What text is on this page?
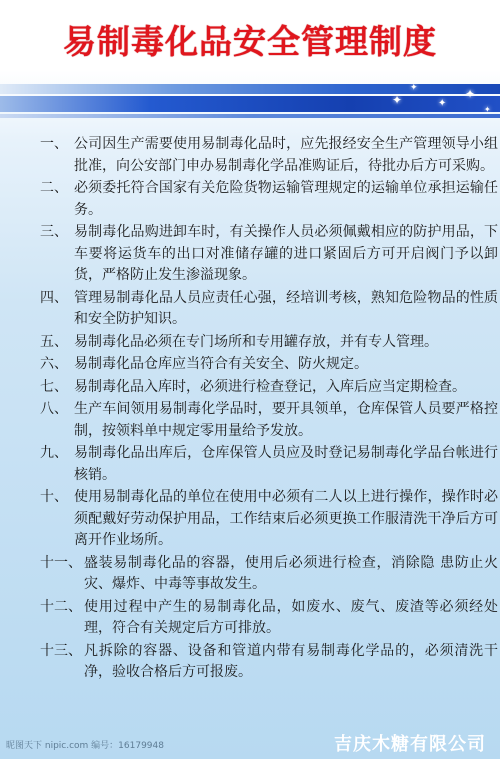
易制毒化品安全管理制度
✦
✦
✦
✦
✦
一、 公司因生产需要使用易制毒化品时，应先报经安全生产管理领导小组批准，向公安部门申办易制毒化学品准购证后，待批办后方可采购。
二、 必须委托符合国家有关危险货物运输管理规定的运输单位承担运输任务。
三、 易制毒化品购进卸车时，有关操作人员必须佩戴相应的防护用品，下车要将运货车的出口对准储存罐的进口紧固后方可开启阀门予以卸货，严格防止发生渗溢现象。
四、 管理易制毒化品人员应责任心强，经培训考核，熟知危险物品的性质和安全防护知识。
五、 易制毒化品必须在专门场所和专用罐存放，并有专人管理。
六、 易制毒化品仓库应当符合有关安全、防火规定。
七、 易制毒化品入库时，必须进行检查登记，入库后应当定期检查。
八、 生产车间领用易制毒化学品时，要开具领单，仓库保管人员要严格控制，按领料单中规定零用量给予发放。
九、 易制毒化品出库后，仓库保管人员应及时登记易制毒化学品台帐进行核销。
十、 使用易制毒化品的单位在使用中必须有二人以上进行操作，操作时必须配戴好劳动保护用品，工作结束后必须更换工作服清洗干净后方可离开作业场所。
十一、 盛装易制毒化品的容器，使用后必须进行检查，消除隐 患防止火灾、爆炸、中毒等事故发生。
十二、 使用过程中产生的易制毒化品，如废水、废气、废渣等必须经处理，符合有关规定后方可排放。
十三、 凡拆除的容器、设备和管道内带有易制毒化学品的，必须清洗干净，验收合格后方可报废。
昵图天下 nipic.com 编号：16179948	吉庆木糖有限公司
